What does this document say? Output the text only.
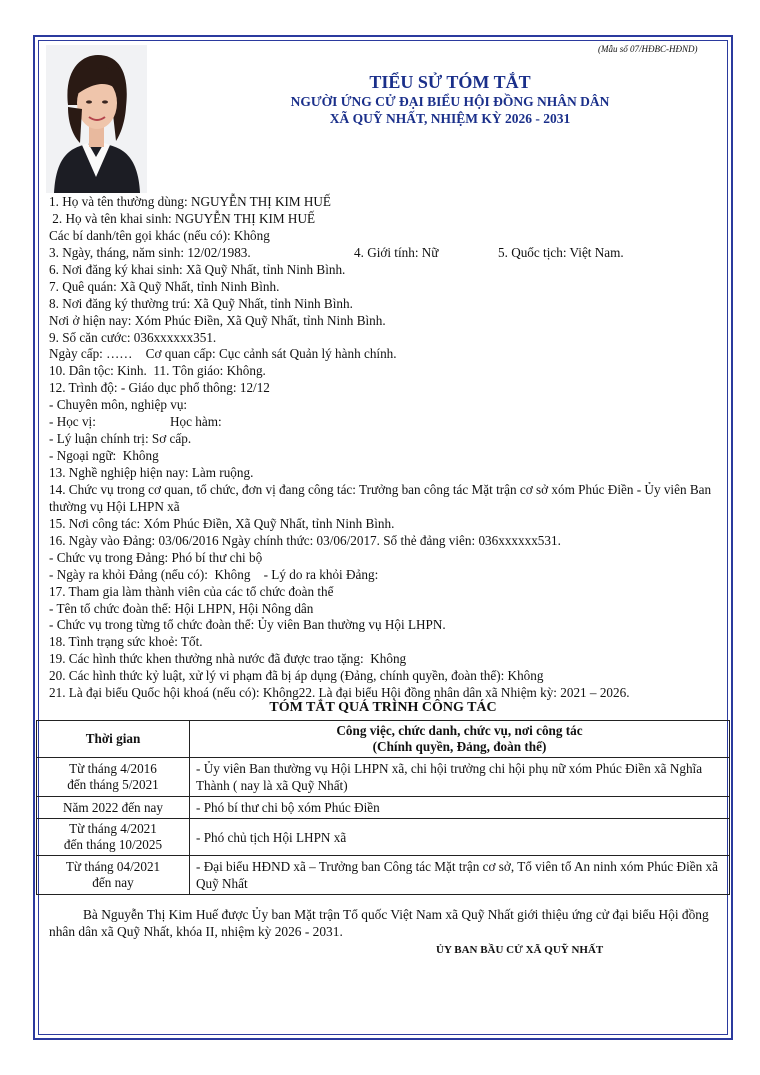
(Mẫu số 07/HĐBC-HĐND)
TIỂU SỬ TÓM TẮT
NGƯỜI ỨNG CỬ ĐẠI BIỂU HỘI ĐỒNG NHÂN DÂN
XÃ QUỸ NHẤT, NHIỆM KỲ 2026 - 2031
1. Họ và tên thường dùng: NGUYỄN THỊ KIM HUẾ
2. Họ và tên khai sinh: NGUYỄN THỊ KIM HUẾ
Các bí danh/tên gọi khác (nếu có): Không
3. Ngày, tháng, năm sinh: 12/02/1983.	4. Giới tính: Nữ	5. Quốc tịch: Việt Nam.
6. Nơi đăng ký khai sinh: Xã Quỹ Nhất, tỉnh Ninh Bình.
7. Quê quán: Xã Quỹ Nhất, tỉnh Ninh Bình.
8. Nơi đăng ký thường trú: Xã Quỹ Nhất, tỉnh Ninh Bình.
Nơi ở hiện nay: Xóm Phúc Điền, Xã Quỹ Nhất, tỉnh Ninh Bình.
9. Số căn cước: 036xxxxxx351.
Ngày cấp: ……    Cơ quan cấp: Cục cảnh sát Quản lý hành chính.
10. Dân tộc: Kinh.  11. Tôn giáo: Không.
12. Trình độ: - Giáo dục phổ thông: 12/12
- Chuyên môn, nghiệp vụ:
- Học vị:	Học hàm:
- Lý luận chính trị: Sơ cấp.
- Ngoại ngữ:  Không
13. Nghề nghiệp hiện nay: Làm ruộng.
14. Chức vụ trong cơ quan, tổ chức, đơn vị đang công tác: Trưởng ban công tác Mặt trận cơ sở xóm Phúc Điền - Ủy viên Ban thường vụ Hội LHPN xã
15. Nơi công tác: Xóm Phúc Điền, Xã Quỹ Nhất, tỉnh Ninh Bình.
16. Ngày vào Đảng: 03/06/2016 Ngày chính thức: 03/06/2017. Số thẻ đảng viên: 036xxxxxx531.
- Chức vụ trong Đảng: Phó bí thư chi bộ
- Ngày ra khỏi Đảng (nếu có):  Không    - Lý do ra khỏi Đảng:
17. Tham gia làm thành viên của các tổ chức đoàn thể
- Tên tổ chức đoàn thể: Hội LHPN, Hội Nông dân
- Chức vụ trong từng tổ chức đoàn thể: Ủy viên Ban thường vụ Hội LHPN.
18. Tình trạng sức khoẻ: Tốt.
19. Các hình thức khen thưởng nhà nước đã được trao tặng:  Không
20. Các hình thức kỷ luật, xử lý vi phạm đã bị áp dụng (Đảng, chính quyền, đoàn thể): Không
21. Là đại biểu Quốc hội khoá (nếu có): Không22. Là đại biểu Hội đồng nhân dân xã Nhiệm kỳ: 2021 – 2026.
TÓM TẮT QUÁ TRÌNH CÔNG TÁC
Thời gian	Công việc, chức danh, chức vụ, nơi công tác
(Chính quyền, Đảng, đoàn thể)

Từ tháng 4/2016
đến tháng 5/2021	- Ủy viên Ban thường vụ Hội LHPN xã, chi hội trưởng chi hội phụ nữ xóm Phúc Điền xã Nghĩa Thành ( nay là xã Quỹ Nhất)

Năm 2022 đến nay	- Phó bí thư chi bộ xóm Phúc Điền

Từ tháng 4/2021
đến tháng 10/2025	- Phó chủ tịch Hội LHPN xã

Từ tháng 04/2021
đến nay	- Đại biểu HĐND xã – Trưởng ban Công tác Mặt trận cơ sở, Tổ viên tổ An ninh xóm Phúc Điền xã Quỹ Nhất
Bà Nguyễn Thị Kim Huế được Ủy ban Mặt trận Tổ quốc Việt Nam xã Quỹ Nhất giới thiệu ứng cử đại biểu Hội đồng nhân dân xã Quỹ Nhất, khóa II, nhiệm kỳ 2026 - 2031.
ỦY BAN BẦU CỬ XÃ QUỸ NHẤT
